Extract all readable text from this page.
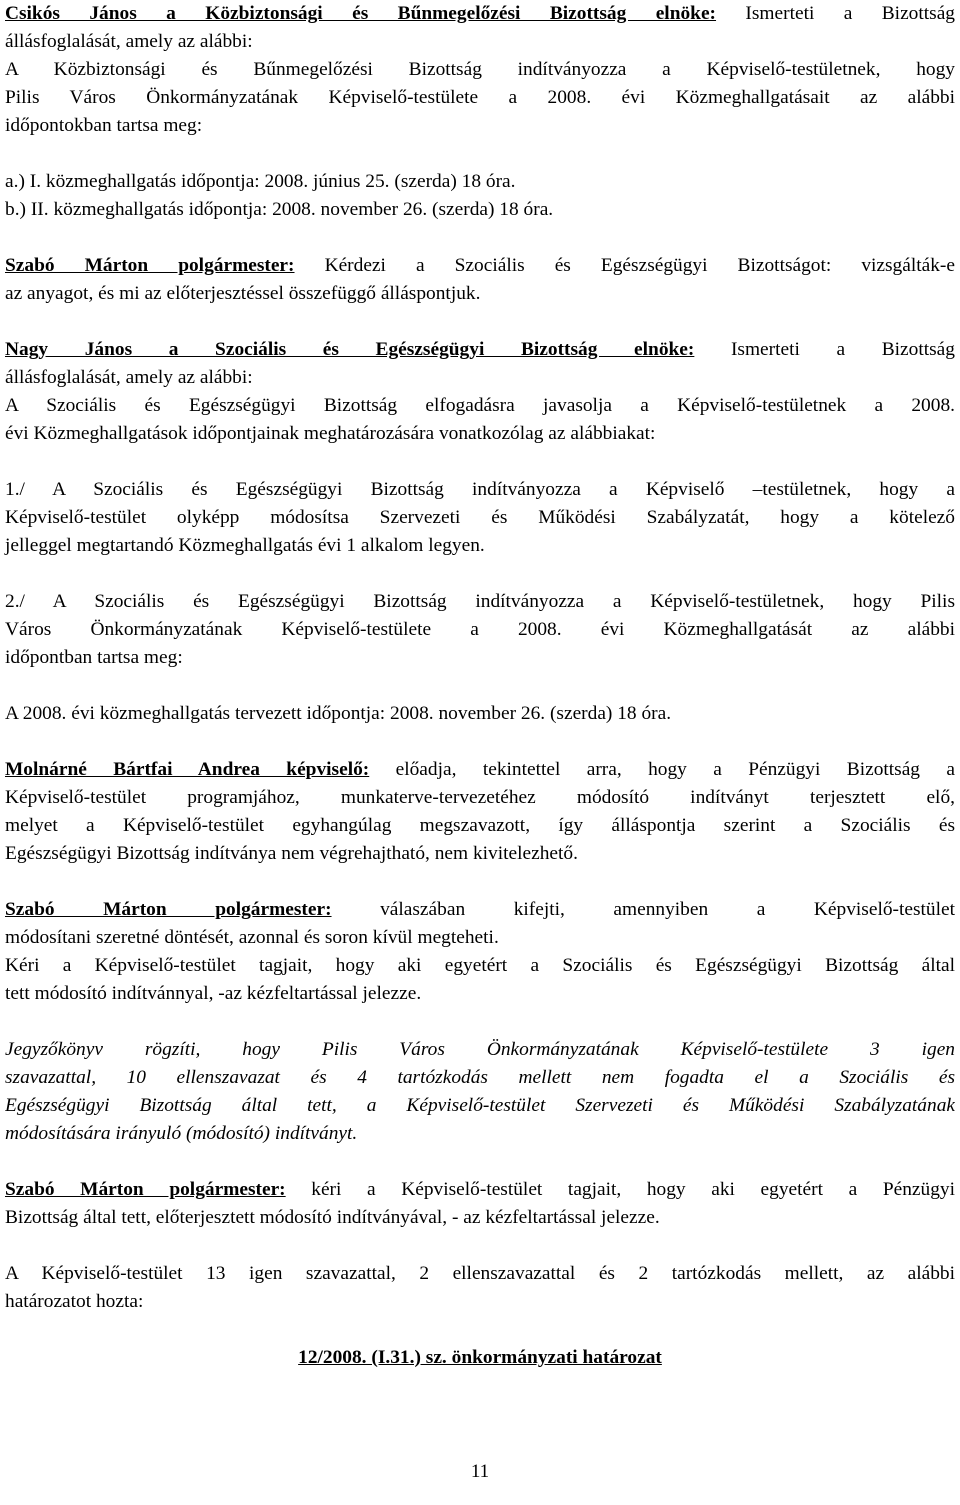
Csikós János a Közbiztonsági és Bűnmegelőzési Bizottság elnöke: Ismerteti a Bizottság
állásfoglalását, amely az alábbi:
A Közbiztonsági és Bűnmegelőzési Bizottság indítványozza a Képviselő-testületnek, hogy
Pilis Város Önkormányzatának Képviselő-testülete a 2008. évi Közmeghallgatásait az alábbi
időpontokban tartsa meg:
a.) I. közmeghallgatás időpontja: 2008. június 25. (szerda) 18 óra.
b.) II. közmeghallgatás időpontja: 2008. november 26. (szerda) 18 óra.
Szabó Márton polgármester: Kérdezi a Szociális és Egészségügyi Bizottságot: vizsgálták-e
az anyagot, és mi az előterjesztéssel összefüggő álláspontjuk.
Nagy János a Szociális és Egészségügyi Bizottság elnöke: Ismerteti a Bizottság
állásfoglalását, amely az alábbi:
A Szociális és Egészségügyi Bizottság elfogadásra javasolja a Képviselő-testületnek a 2008.
évi Közmeghallgatások időpontjainak meghatározására vonatkozólag az alábbiakat:
1./ A Szociális és Egészségügyi Bizottság indítványozza a Képviselő –testületnek, hogy a
Képviselő-testület olyképp módosítsa Szervezeti és Működési Szabályzatát, hogy a kötelező
jelleggel megtartandó Közmeghallgatás évi 1 alkalom legyen.
2./ A Szociális és Egészségügyi Bizottság indítványozza a Képviselő-testületnek, hogy Pilis
Város Önkormányzatának Képviselő-testülete a 2008. évi Közmeghallgatását az alábbi
időpontban tartsa meg:
A 2008. évi közmeghallgatás tervezett időpontja: 2008. november 26. (szerda) 18 óra.
Molnárné Bártfai Andrea képviselő: előadja, tekintettel arra, hogy a Pénzügyi Bizottság a
Képviselő-testület programjához, munkaterve-tervezetéhez módosító indítványt terjesztett elő,
melyet a Képviselő-testület egyhangúlag megszavazott, így álláspontja szerint a Szociális és
Egészségügyi Bizottság indítványa nem végrehajtható, nem kivitelezhető.
Szabó Márton polgármester: válaszában kifejti, amennyiben a Képviselő-testület
módosítani szeretné döntését, azonnal és soron kívül megteheti.
Kéri a Képviselő-testület tagjait, hogy aki egyetért a Szociális és Egészségügyi Bizottság által
tett módosító indítvánnyal, -az kézfeltartással jelezze.
Jegyzőkönyv rögzíti, hogy Pilis Város Önkormányzatának Képviselő-testülete 3 igen
szavazattal, 10 ellenszavazat és 4 tartózkodás mellett nem fogadta el a Szociális és
Egészségügyi Bizottság által tett, a Képviselő-testület Szervezeti és Működési Szabályzatának
módosítására irányuló (módosító) indítványt.
Szabó Márton polgármester: kéri a Képviselő-testület tagjait, hogy aki egyetért a Pénzügyi
Bizottság által tett, előterjesztett módosító indítványával, - az kézfeltartással jelezze.
A Képviselő-testület 13 igen szavazattal, 2 ellenszavazattal és 2 tartózkodás mellett, az alábbi
határozatot hozta:
12/2008. (I.31.) sz. önkormányzati határozat
11
